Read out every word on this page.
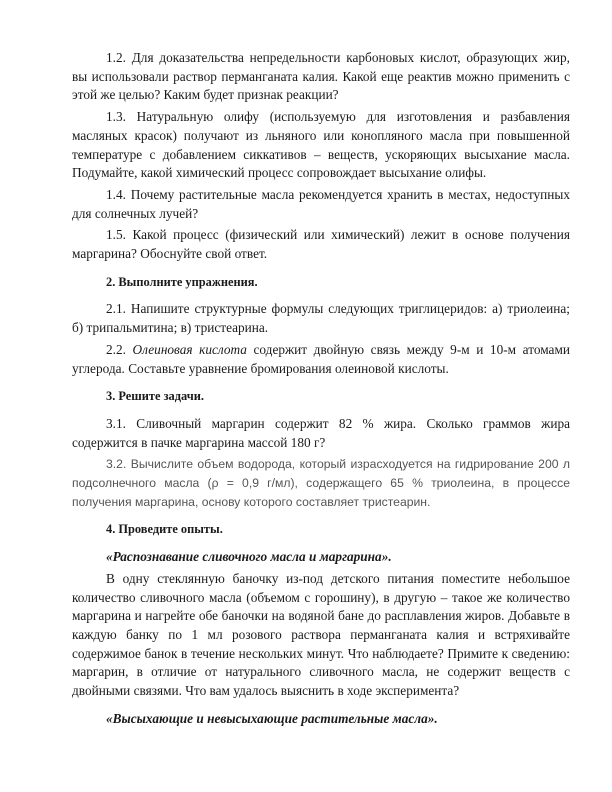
1.2. Для доказательства непредельности карбоновых кислот, образующих жир, вы использовали раствор перманганата калия. Какой еще реактив можно применить с этой же целью? Каким будет признак реакции?

1.3. Натуральную олифу (используемую для изготовления и разбавления масляных красок) получают из льняного или конопляного масла при повышенной температуре с добавлением сиккативов – веществ, ускоряющих высыхание масла. Подумайте, какой химический процесс сопровождает высыхание олифы.

1.4. Почему растительные масла рекомендуется хранить в местах, недоступных для солнечных лучей?

1.5. Какой процесс (физический или химический) лежит в основе получения маргарина? Обоснуйте свой ответ.

2. Выполните упражнения.

2.1. Напишите структурные формулы следующих триглицеридов: а) триолеина; б) трипальмитина; в) тристеарина.

2.2. Олеиновая кислота содержит двойную связь между 9-м и 10-м атомами углерода. Составьте уравнение бромирования олеиновой кислоты.

3. Решите задачи.

3.1. Сливочный маргарин содержит 82 % жира. Сколько граммов жира содержится в пачке маргарина массой 180 г?

3.2. Вычислите объем водорода, который израсходуется на гидрирование 200 л подсолнечного масла (ρ = 0,9 г/мл), содержащего 65 % триолеина, в процессе получения маргарина, основу которого составляет тристеарин.

4. Проведите опыты.

«Распознавание сливочного масла и маргарина».

В одну стеклянную баночку из-под детского питания поместите небольшое количество сливочного масла (объемом с горошину), в другую – такое же количество маргарина и нагрейте обе баночки на водяной бане до расплавления жиров. Добавьте в каждую банку по 1 мл розового раствора перманганата калия и встряхивайте содержимое банок в течение нескольких минут. Что наблюдаете? Примите к сведению: маргарин, в отличие от натурального сливочного масла, не содержит веществ с двойными связями. Что вам удалось выяснить в ходе эксперимента?

«Высыхающие и невысыхающие растительные масла».
